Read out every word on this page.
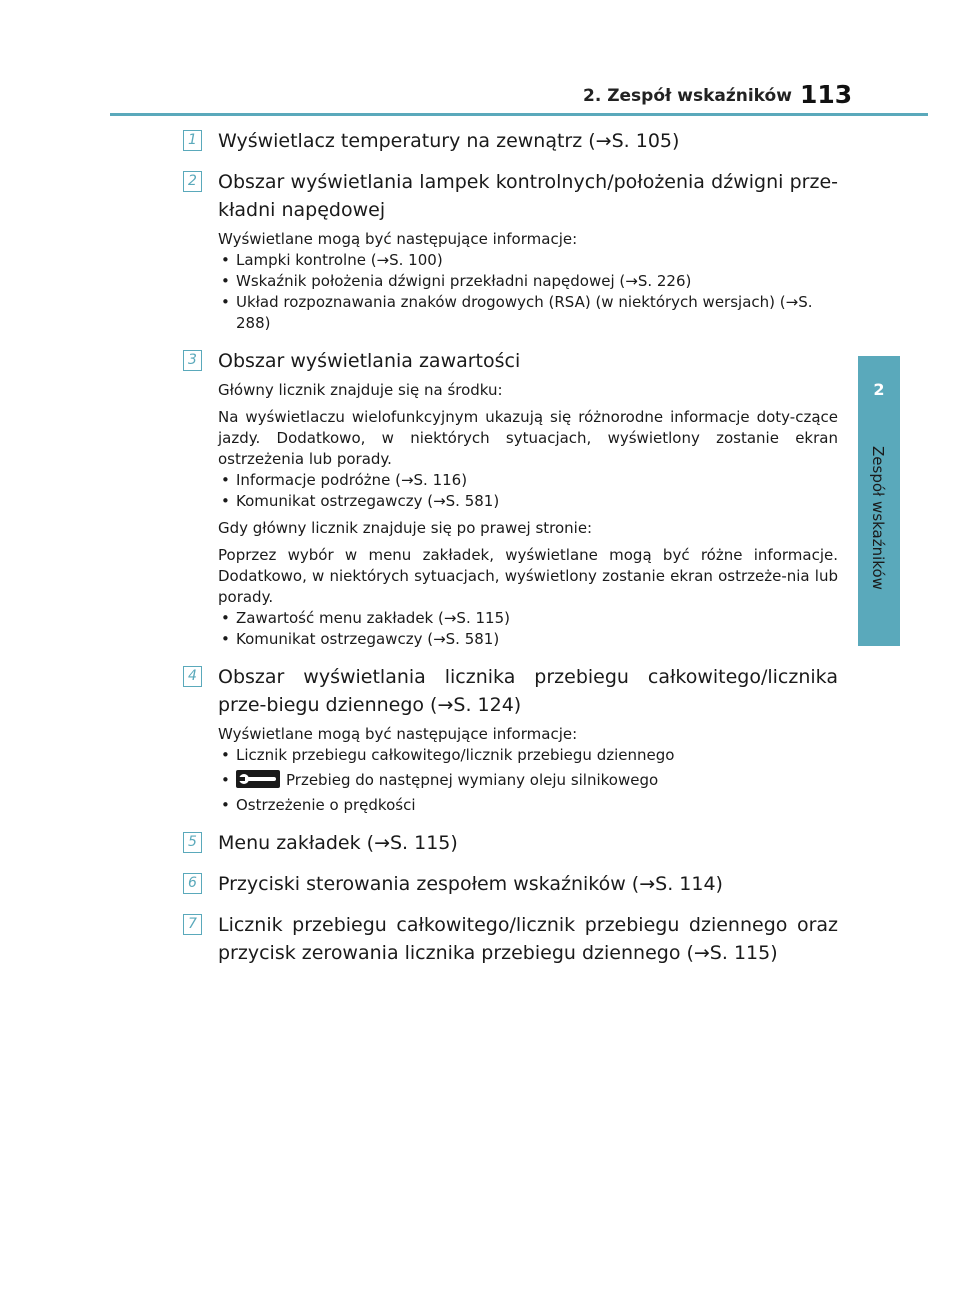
2. Zespół wskaźników 113
2
Zespół wskaźników
1 Wyświetlacz temperatury na zewnątrz (→S. 105)
2 Obszar wyświetlania lampek kontrolnych/położenia dźwigni prze-kładni napędowej

Wyświetlane mogą być następujące informacje:

• Lampki kontrolne (→S. 100)
• Wskaźnik położenia dźwigni przekładni napędowej (→S. 226)
• Układ rozpoznawania znaków drogowych (RSA) (w niektórych wersjach) (→S. 288)
3 Obszar wyświetlania zawartości

Główny licznik znajduje się na środku:

Na wyświetlaczu wielofunkcyjnym ukazują się różnorodne informacje doty-czące jazdy. Dodatkowo, w niektórych sytuacjach, wyświetlony zostanie ekran ostrzeżenia lub porady.

• Informacje podróżne (→S. 116)
• Komunikat ostrzegawczy (→S. 581)

Gdy główny licznik znajduje się po prawej stronie:

Poprzez wybór w menu zakładek, wyświetlane mogą być różne informacje. Dodatkowo, w niektórych sytuacjach, wyświetlony zostanie ekran ostrzeże-nia lub porady.

• Zawartość menu zakładek (→S. 115)
• Komunikat ostrzegawczy (→S. 581)
4 Obszar wyświetlania licznika przebiegu całkowitego/licznika prze-biegu dziennego (→S. 124)

Wyświetlane mogą być następujące informacje:

• Licznik przebiegu całkowitego/licznik przebiegu dziennego
• Przebieg do następnej wymiany oleju silnikowego
• Ostrzeżenie o prędkości
5 Menu zakładek (→S. 115)
6 Przyciski sterowania zespołem wskaźników (→S. 114)
7 Licznik przebiegu całkowitego/licznik przebiegu dziennego oraz przycisk zerowania licznika przebiegu dziennego (→S. 115)
